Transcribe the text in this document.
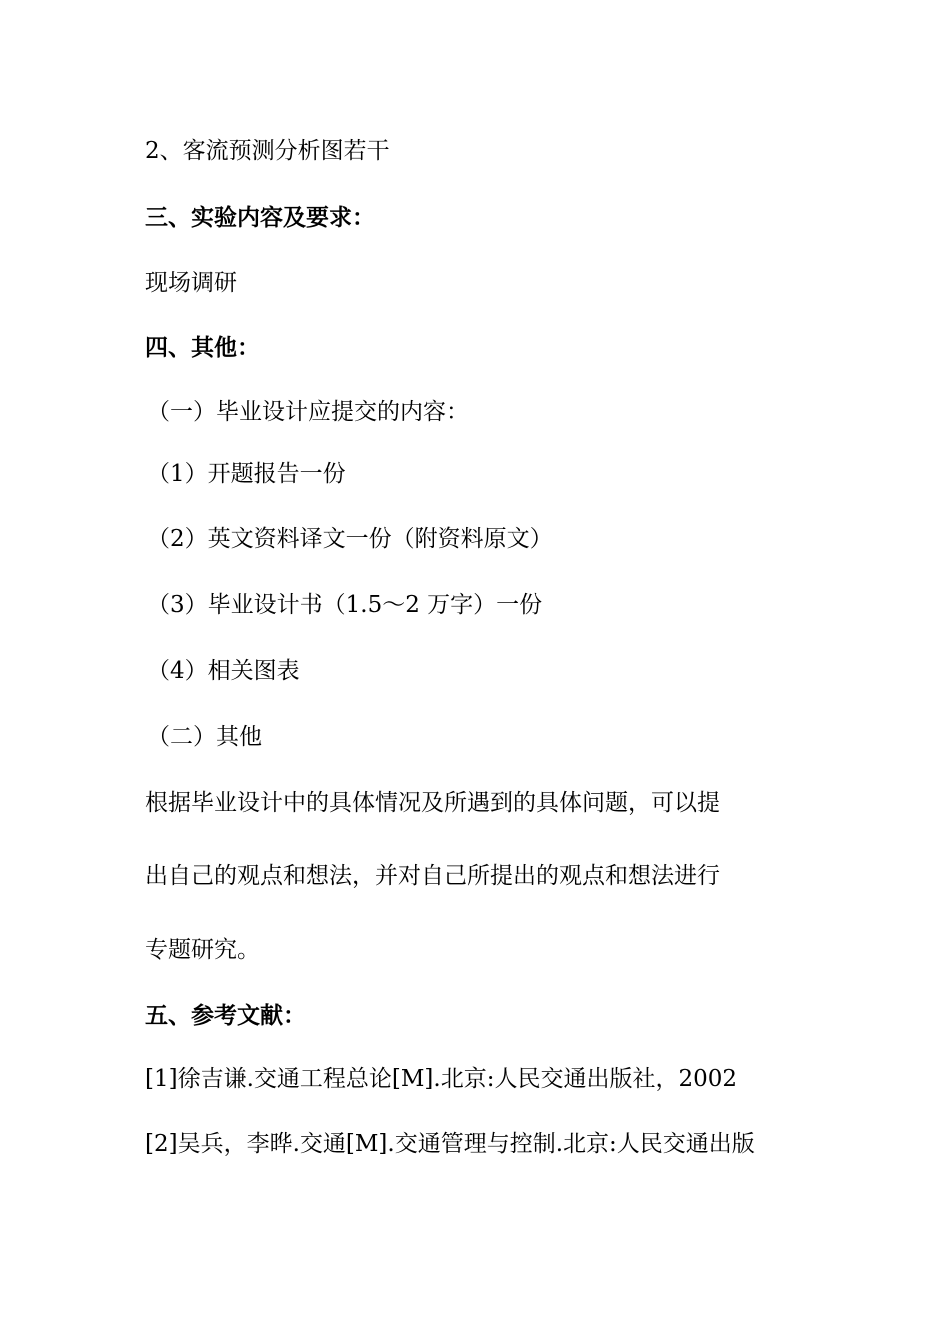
2、客流预测分析图若干
三、实验内容及要求：
现场调研
四、其他：
（一）毕业设计应提交的内容：
（1）开题报告一份
（2）英文资料译文一份（附资料原文）
（3）毕业设计书（1.5～2 万字）一份
（4）相关图表
（二）其他
根据毕业设计中的具体情况及所遇到的具体问题，可以提
出自己的观点和想法，并对自己所提出的观点和想法进行
专题研究。
五、参考文献：
[1]徐吉谦.交通工程总论[M].北京:人民交通出版社，2002
[2]吴兵，李晔.交通[M].交通管理与控制.北京:人民交通出版
